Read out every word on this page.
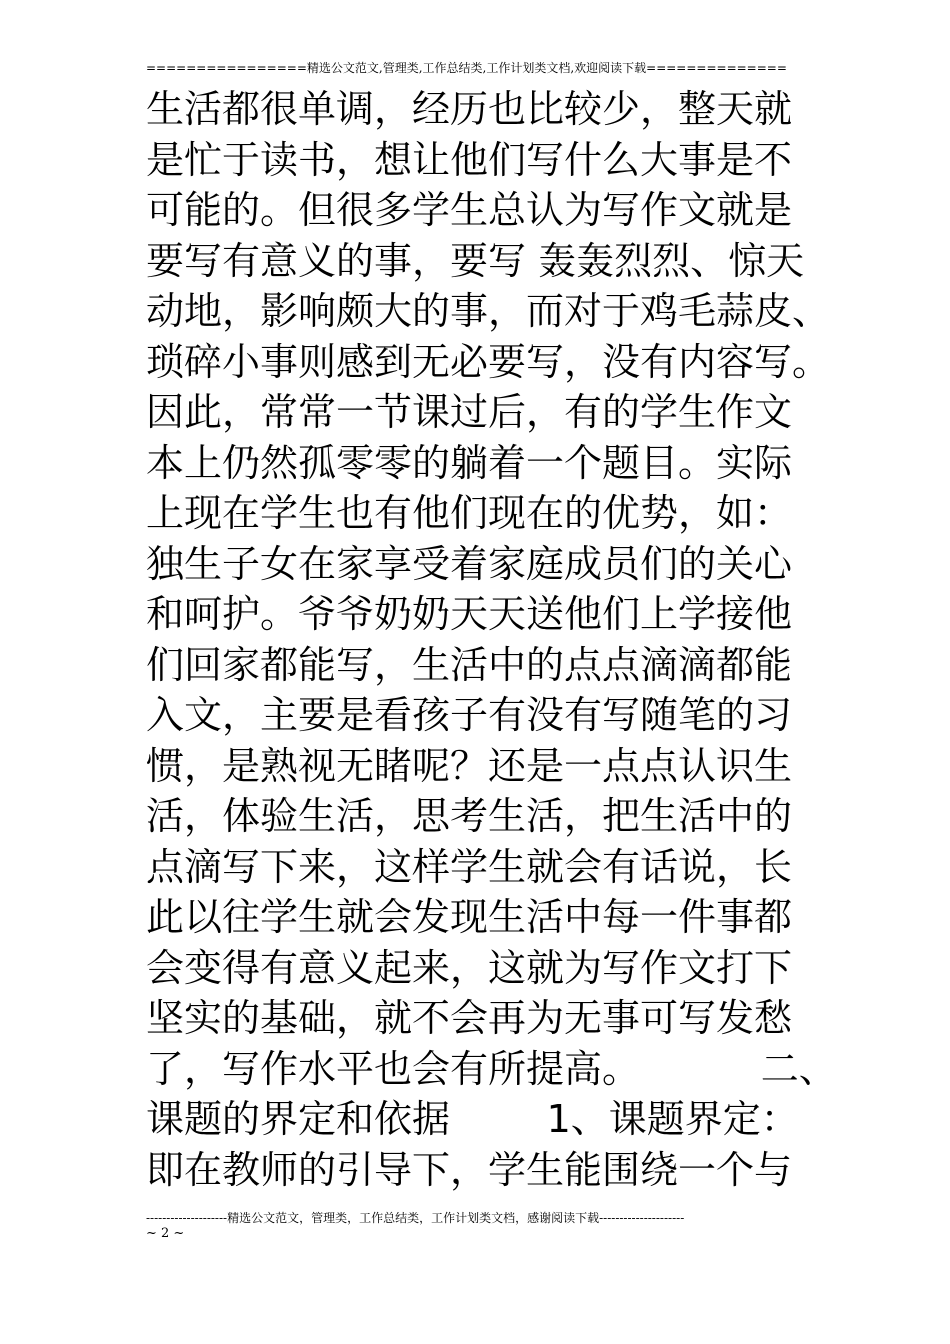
================精选公文范文,管理类,工作总结类,工作计划类文档,欢迎阅读下载==============
生活都很单调，经历也比较少，整天就
是忙于读书，想让他们写什么大事是不
可能的。但很多学生总认为写作文就是
要写有意义的事，要写 轰轰烈烈、惊天
动地，影响颇大的事，而对于鸡毛蒜皮、
琐碎小事则感到无必要写，没有内容写。
因此，常常一节课过后，有的学生作文
本上仍然孤零零的躺着一个题目。实际
上现在学生也有他们现在的优势，如：
独生子女在家享受着家庭成员们的关心
和呵护。爷爷奶奶天天送他们上学接他
们回家都能写，生活中的点点滴滴都能
入文，主要是看孩子有没有写随笔的习
惯，是熟视无睹呢？还是一点点认识生
活，体验生活，思考生活，把生活中的
点滴写下来，这样学生就会有话说，长
此以往学生就会发现生活中每一件事都
会变得有意义起来，这就为写作文打下
坚实的基础，就不会再为无事可写发愁
了，写作水平也会有所提高。          二、
课题的界定和依据        1、课题界定：
即在教师的引导下，学生能围绕一个与
--------------------精选公文范文，管理类，工作总结类，工作计划类文档，感谢阅读下载---------------------
~ 2 ~
